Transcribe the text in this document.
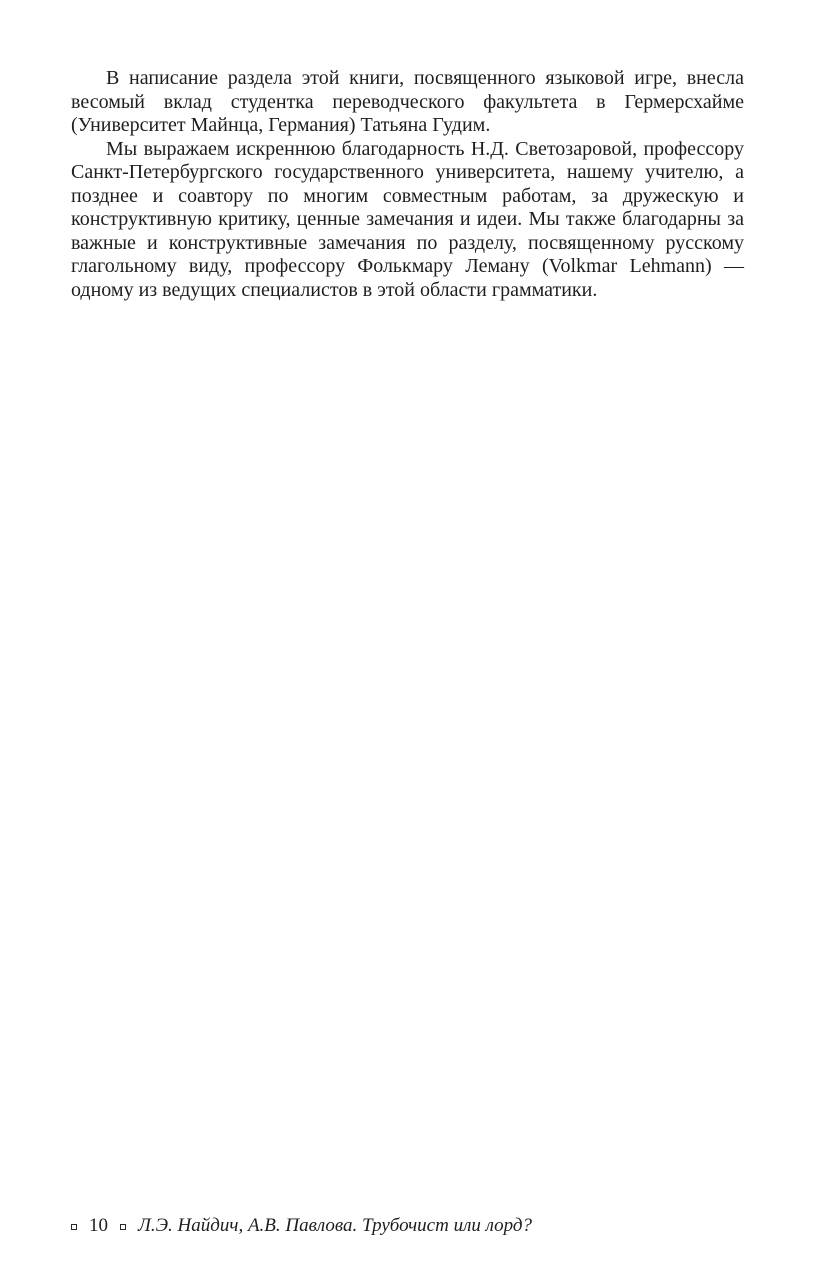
В написание раздела этой книги, посвященного языковой игре, внесла весомый вклад студентка переводческого факультета в Гермерсхайме (Университет Майнца, Германия) Татьяна Гудим.

Мы выражаем искреннюю благодарность Н.Д. Светозаровой, профессору Санкт-Петербургского государственного университета, нашему учителю, а позднее и соавтору по многим совместным работам, за дружескую и конструктивную критику, ценные замечания и идеи. Мы также благодарны за важные и конструктивные замечания по разделу, посвященному русскому глагольному виду, профессору Фолькмару Леману (Volkmar Lehmann) — одному из ведущих специалистов в этой области грамматики.

10 Л.Э. Найдич, А.В. Павлова. Трубочист или лорд?
